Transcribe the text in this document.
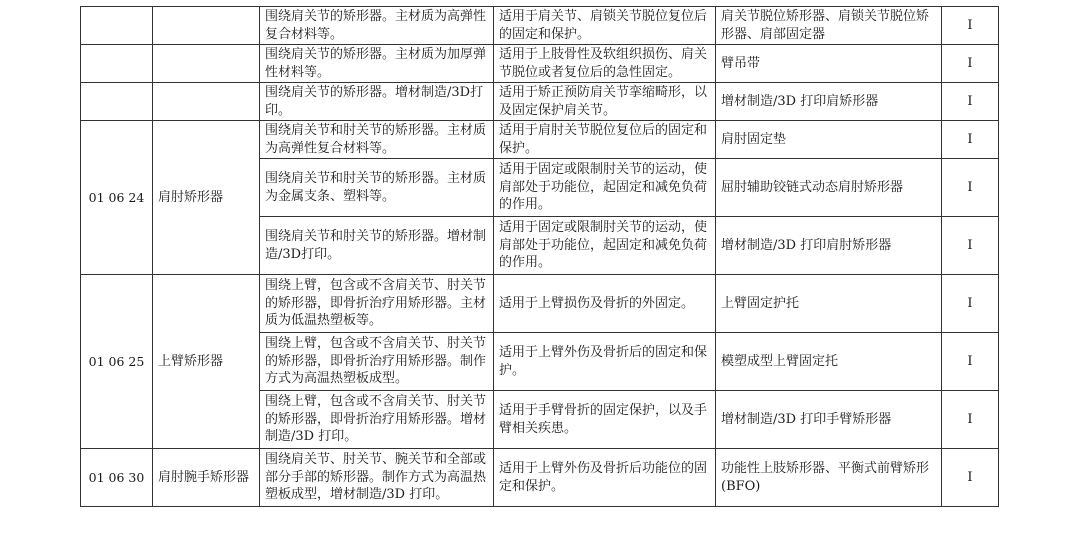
		围绕肩关节的矫形器。主材质为高弹性复合材料等。	适用于肩关节、肩锁关节脱位复位后的固定和保护。	肩关节脱位矫形器、肩锁关节脱位矫形器、肩部固定器	I
		围绕肩关节的矫形器。主材质为加厚弹性材料等。	适用于上肢骨性及软组织损伤、肩关节脱位或者复位后的急性固定。	臂吊带	I
		围绕肩关节的矫形器。增材制造/3D打印。	适用于矫正预防肩关节挛缩畸形，以及固定保护肩关节。	增材制造/3D 打印肩矫形器	I
01 06 24	肩肘矫形器	围绕肩关节和肘关节的矫形器。主材质为高弹性复合材料等。	适用于肩肘关节脱位复位后的固定和保护。	肩肘固定垫	I
		围绕肩关节和肘关节的矫形器。主材质为金属支条、塑料等。	适用于固定或限制肘关节的运动，使肩部处于功能位，起固定和减免负荷的作用。	屈肘辅助铰链式动态肩肘矫形器	I
		围绕肩关节和肘关节的矫形器。增材制造/3D打印。	适用于固定或限制肘关节的运动，使肩部处于功能位，起固定和减免负荷的作用。	增材制造/3D 打印肩肘矫形器	I
01 06 25	上臂矫形器	围绕上臂，包含或不含肩关节、肘关节的矫形器，即骨折治疗用矫形器。主材质为低温热塑板等。	适用于上臂损伤及骨折的外固定。	上臂固定护托	I
		围绕上臂，包含或不含肩关节、肘关节的矫形器，即骨折治疗用矫形器。制作方式为高温热塑板成型。	适用于上臂外伤及骨折后的固定和保护。	模塑成型上臂固定托	I
		围绕上臂，包含或不含肩关节、肘关节的矫形器，即骨折治疗用矫形器。增材制造/3D 打印。	适用于手臂骨折的固定保护，以及手臂相关疾患。	增材制造/3D 打印手臂矫形器	I
01 06 30	肩肘腕手矫形器	围绕肩关节、肘关节、腕关节和全部或部分手部的矫形器。制作方式为高温热塑板成型，增材制造/3D 打印。	适用于上臂外伤及骨折后功能位的固定和保护。	功能性上肢矫形器、平衡式前臂矫形(BFO)	I
